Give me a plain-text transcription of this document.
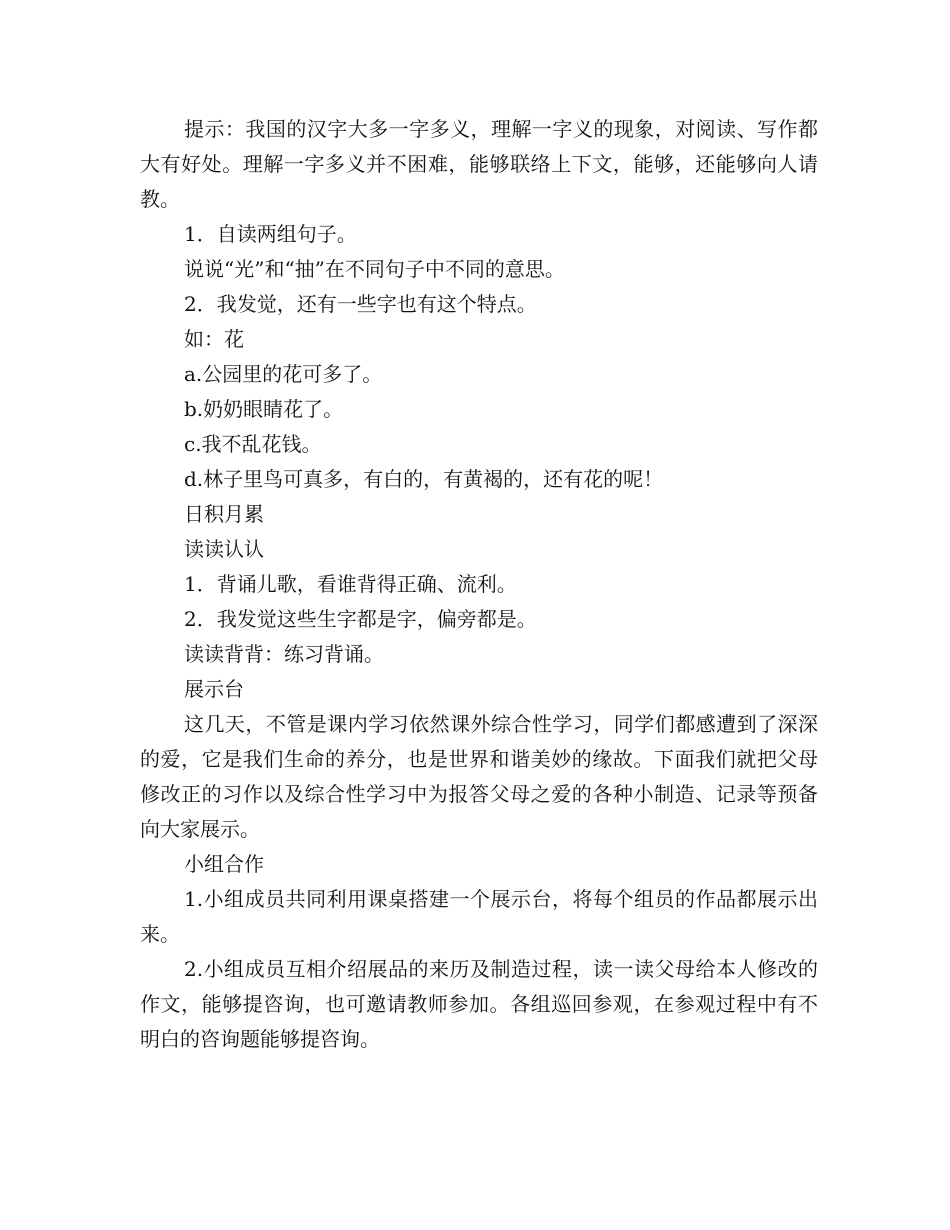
提示：我国的汉字大多一字多义，理解一字义的现象，对阅读、写作都大有好处。理解一字多义并不困难，能够联络上下文，能够，还能够向人请教。

1．自读两组句子。

说说“光”和“抽”在不同句子中不同的意思。

2．我发觉，还有一些字也有这个特点。

如：花

a.公园里的花可多了。

b.奶奶眼睛花了。

c.我不乱花钱。

d.林子里鸟可真多，有白的，有黄褐的，还有花的呢！

日积月累

读读认认

1．背诵儿歌，看谁背得正确、流利。

2．我发觉这些生字都是字，偏旁都是。

读读背背：练习背诵。

展示台

这几天，不管是课内学习依然课外综合性学习，同学们都感遭到了深深的爱，它是我们生命的养分，也是世界和谐美妙的缘故。下面我们就把父母修改正的习作以及综合性学习中为报答父母之爱的各种小制造、记录等预备向大家展示。

小组合作

1.小组成员共同利用课桌搭建一个展示台，将每个组员的作品都展示出来。

2.小组成员互相介绍展品的来历及制造过程，读一读父母给本人修改的作文，能够提咨询，也可邀请教师参加。各组巡回参观，在参观过程中有不明白的咨询题能够提咨询。
